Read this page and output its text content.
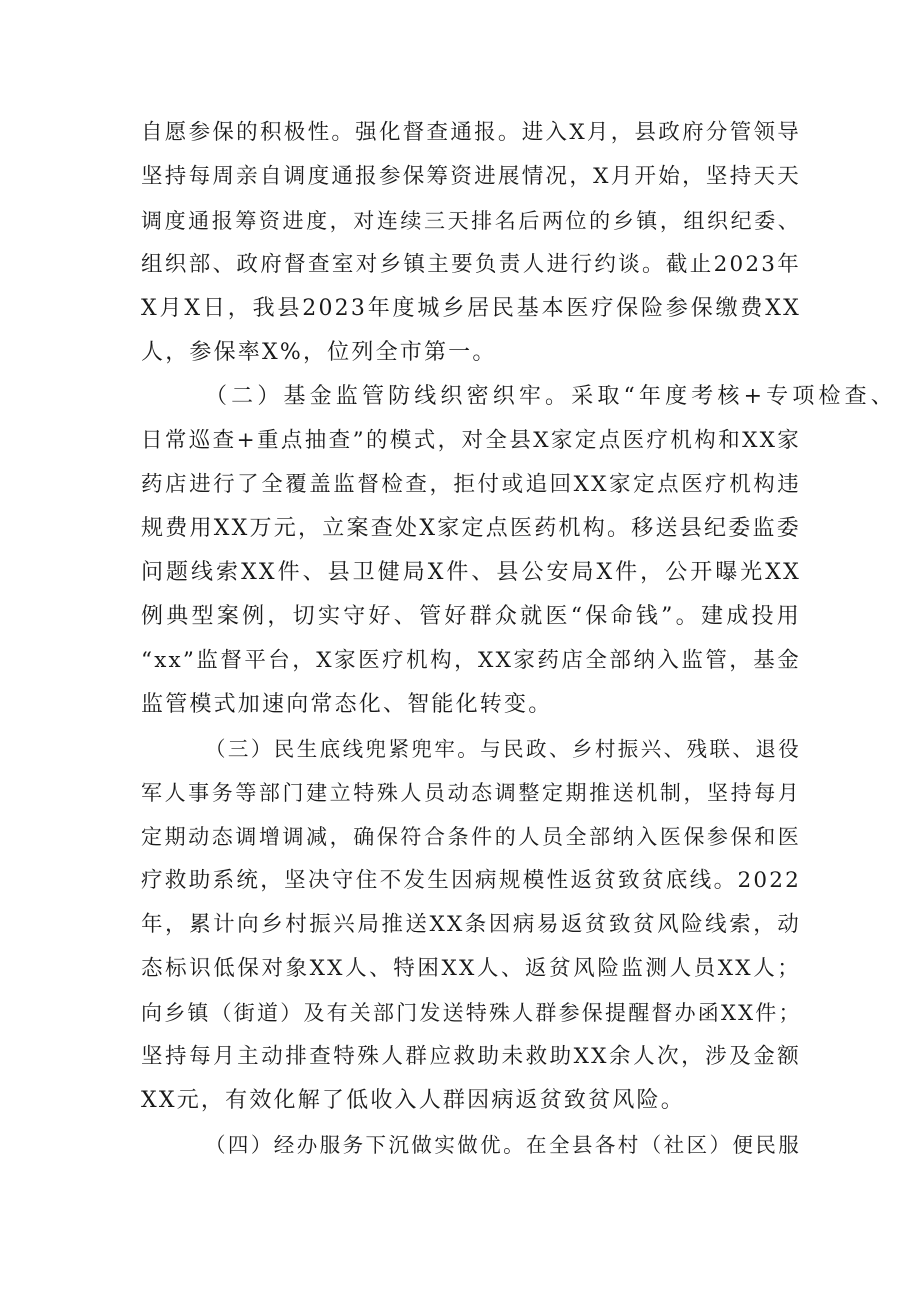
自愿参保的积极性。强化督查通报。进入X月，县政府分管领导
坚持每周亲自调度通报参保筹资进展情况，X月开始，坚持天天
调度通报筹资进度，对连续三天排名后两位的乡镇，组织纪委、
组织部、政府督查室对乡镇主要负责人进行约谈。截止2023年
X月X日，我县2023年度城乡居民基本医疗保险参保缴费XX
人，参保率X%，位列全市第一。
（二）基金监管防线织密织牢。采取“年度考核+专项检查、
日常巡查+重点抽查”的模式，对全县X家定点医疗机构和XX家
药店进行了全覆盖监督检查，拒付或追回XX家定点医疗机构违
规费用XX万元，立案查处X家定点医药机构。移送县纪委监委
问题线索XX件、县卫健局X件、县公安局X件，公开曝光XX
例典型案例，切实守好、管好群众就医“保命钱”。建成投用
“xx”监督平台，X家医疗机构，XX家药店全部纳入监管，基金
监管模式加速向常态化、智能化转变。
（三）民生底线兜紧兜牢。与民政、乡村振兴、残联、退役
军人事务等部门建立特殊人员动态调整定期推送机制，坚持每月
定期动态调增调减，确保符合条件的人员全部纳入医保参保和医
疗救助系统，坚决守住不发生因病规模性返贫致贫底线。2022
年，累计向乡村振兴局推送XX条因病易返贫致贫风险线索，动
态标识低保对象XX人、特困XX人、返贫风险监测人员XX人；
向乡镇（街道）及有关部门发送特殊人群参保提醒督办函XX件；
坚持每月主动排查特殊人群应救助未救助XX余人次，涉及金额
XX元，有效化解了低收入人群因病返贫致贫风险。
（四）经办服务下沉做实做优。在全县各村（社区）便民服
